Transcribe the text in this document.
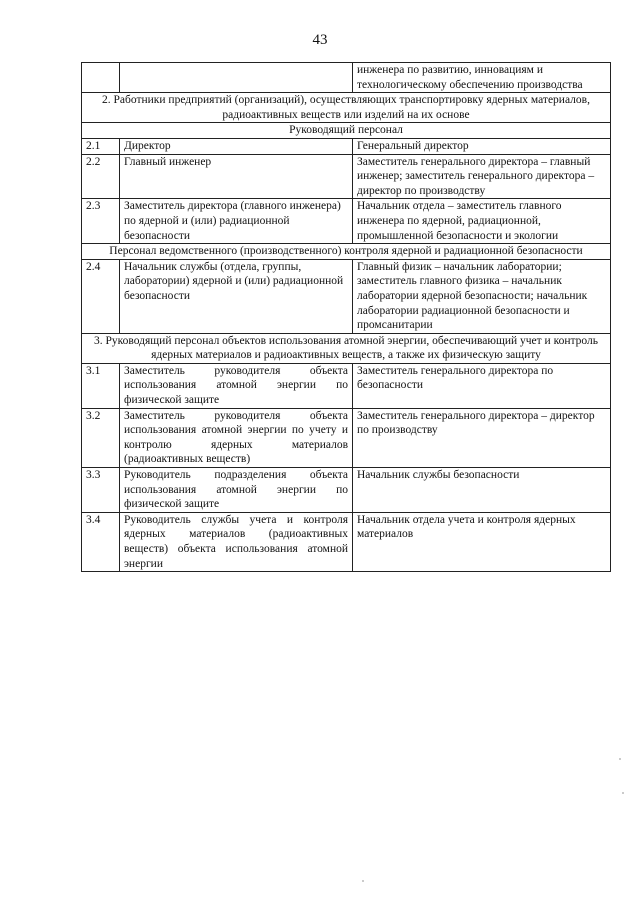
43
		инженера по развитию, инновациям и технологическому обеспечению производства
2. Работники предприятий (организаций), осуществляющих транспортировку ядерных материалов, радиоактивных веществ или изделий на их основе		
Руководящий персонал		
2.1	Директор	Генеральный директор
2.2	Главный инженер	Заместитель генерального директора – главный инженер; заместитель генерального директора – директор по производству
2.3	Заместитель директора (главного инженера) по ядерной и (или) радиационной безопасности	Начальник отдела – заместитель главного инженера по ядерной, радиационной, промышленной безопасности и экологии
Персонал ведомственного (производственного) контроля ядерной и радиационной безопасности		
2.4	Начальник службы (отдела, группы, лаборатории) ядерной и (или) радиационной безопасности	Главный физик – начальник лаборатории; заместитель главного физика – начальник лаборатории ядерной безопасности; начальник лаборатории радиационной безопасности и промсанитарии
3. Руководящий персонал объектов использования атомной энергии, обеспечивающий учет и контроль ядерных материалов и радиоактивных веществ, а также их физическую защиту		
3.1	Заместитель руководителя объекта использования атомной энергии по физической защите	Заместитель генерального директора по безопасности
3.2	Заместитель руководителя объекта использования атомной энергии по учету и контролю ядерных материалов (радиоактивных веществ)	Заместитель генерального директора – директор по производству
3.3	Руководитель подразделения объекта использования атомной энергии по физической защите	Начальник службы безопасности
3.4	Руководитель службы учета и контроля ядерных материалов (радиоактивных веществ) объекта использования атомной энергии	Начальник отдела учета и контроля ядерных материалов
